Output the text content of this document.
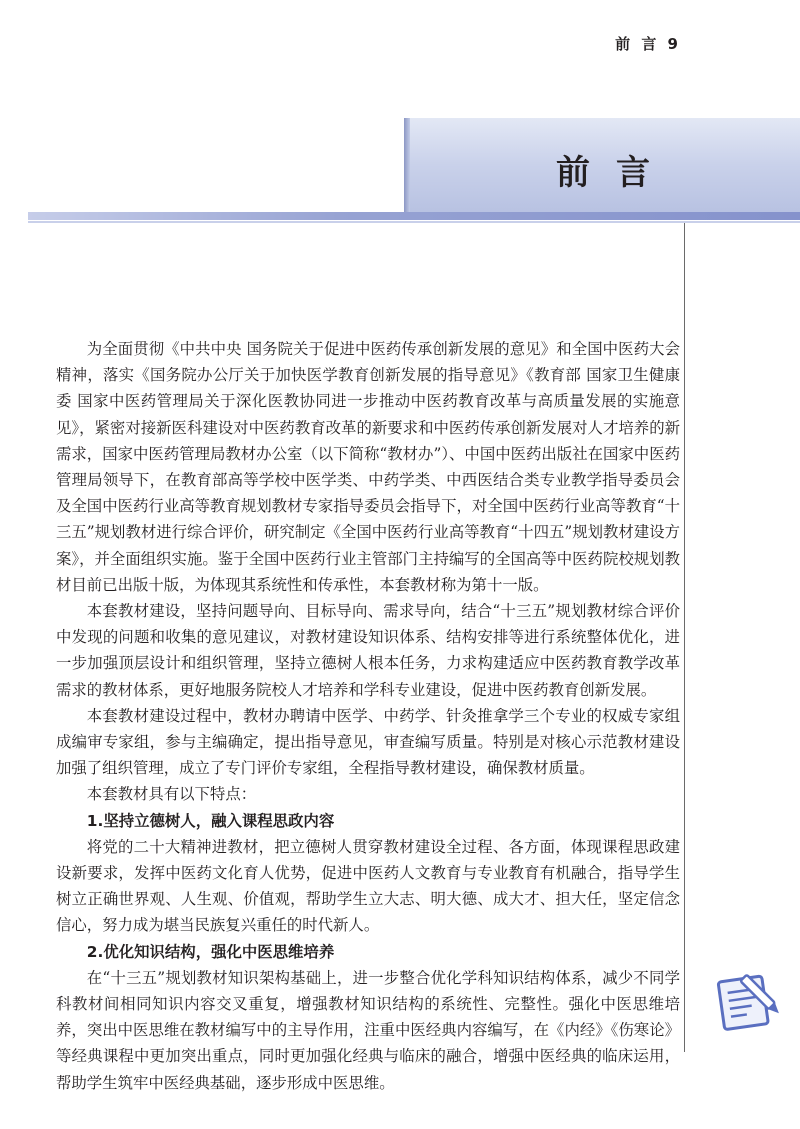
前 言 9
前言

为全面贯彻《中共中央 国务院关于促进中医药传承创新发展的意见》和全国中医药大会精神，落实《国务院办公厅关于加快医学教育创新发展的指导意见》《教育部 国家卫生健康委 国家中医药管理局关于深化医教协同进一步推动中医药教育改革与高质量发展的实施意见》，紧密对接新医科建设对中医药教育改革的新要求和中医药传承创新发展对人才培养的新需求，国家中医药管理局教材办公室（以下简称“教材办”）、中国中医药出版社在国家中医药管理局领导下，在教育部高等学校中医学类、中药学类、中西医结合类专业教学指导委员会及全国中医药行业高等教育规划教材专家指导委员会指导下，对全国中医药行业高等教育“十三五”规划教材进行综合评价，研究制定《全国中医药行业高等教育“十四五”规划教材建设方案》，并全面组织实施。鉴于全国中医药行业主管部门主持编写的全国高等中医药院校规划教材目前已出版十版，为体现其系统性和传承性，本套教材称为第十一版。

本套教材建设，坚持问题导向、目标导向、需求导向，结合“十三五”规划教材综合评价中发现的问题和收集的意见建议，对教材建设知识体系、结构安排等进行系统整体优化，进一步加强顶层设计和组织管理，坚持立德树人根本任务，力求构建适应中医药教育教学改革需求的教材体系，更好地服务院校人才培养和学科专业建设，促进中医药教育创新发展。

本套教材建设过程中，教材办聘请中医学、中药学、针灸推拿学三个专业的权威专家组成编审专家组，参与主编确定，提出指导意见，审查编写质量。特别是对核心示范教材建设加强了组织管理，成立了专门评价专家组，全程指导教材建设，确保教材质量。

本套教材具有以下特点：

1.坚持立德树人，融入课程思政内容

将党的二十大精神进教材，把立德树人贯穿教材建设全过程、各方面，体现课程思政建设新要求，发挥中医药文化育人优势，促进中医药人文教育与专业教育有机融合，指导学生树立正确世界观、人生观、价值观，帮助学生立大志、明大德、成大才、担大任，坚定信念信心，努力成为堪当民族复兴重任的时代新人。

2.优化知识结构，强化中医思维培养

在“十三五”规划教材知识架构基础上，进一步整合优化学科知识结构体系，减少不同学科教材间相同知识内容交叉重复，增强教材知识结构的系统性、完整性。强化中医思维培养，突出中医思维在教材编写中的主导作用，注重中医经典内容编写，在《内经》《伤寒论》等经典课程中更加突出重点，同时更加强化经典与临床的融合，增强中医经典的临床运用，帮助学生筑牢中医经典基础，逐步形成中医思维。
